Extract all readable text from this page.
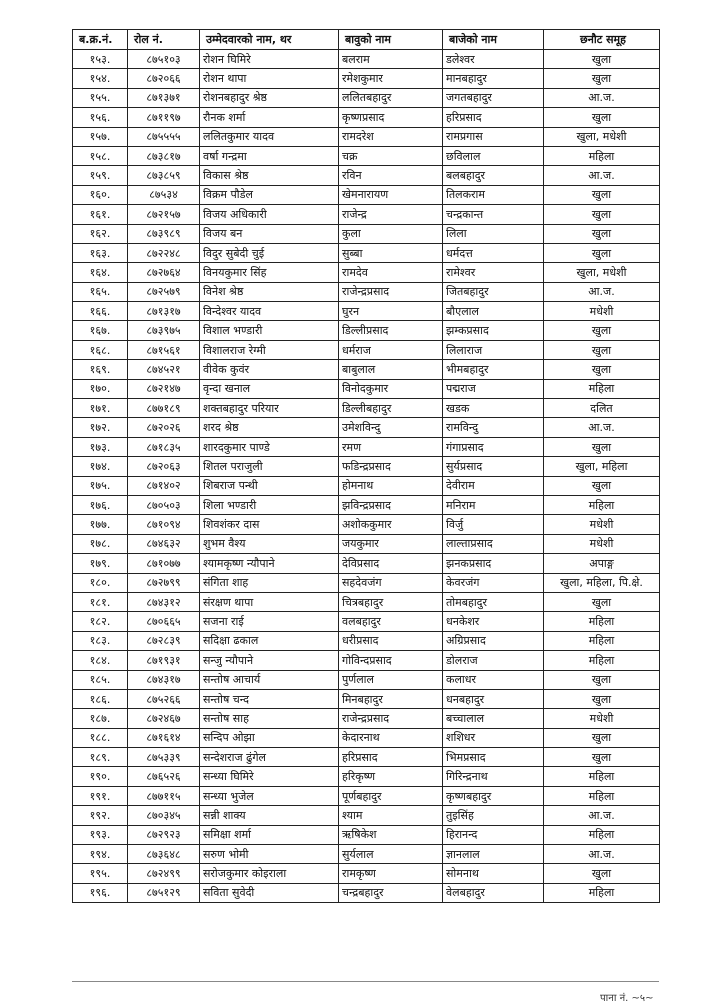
ब.क्र.नं.	रोल नं.	उम्मेदवारको नाम, थर	बावुको नाम	बाजेको नाम	छनौट समूह
१५३.	८७५१०३	रोशन घिमिरे	बलराम	डलेश्वर	खुला
१५४.	८७२०६६	रोशन थापा	रमेशकुमार	मानबहादुर	खुला
१५५.	८७१३७१	रोशनबहादुर श्रेष्ठ	ललितबहादुर	जगतबहादुर	आ.ज.
१५६.	८७११९७	रौनक शर्मा	कृष्णप्रसाद	हरिप्रसाद	खुला
१५७.	८७५५५५	ललितकुमार यादव	रामदरेश	रामप्रगास	खुला, मधेशी
१५८.	८७३८१७	वर्षा गन्द्रमा	चक्र	छविलाल	महिला
१५९.	८७३८५९	विकास श्रेष्ठ	रविन	बलबहादुर	आ.ज.
१६०.	८७५३४	विक्रम पौडेल	खेमनारायण	तिलकराम	खुला
१६१.	८७२१५७	विजय अधिकारी	राजेन्द्र	चन्द्रकान्त	खुला
१६२.	८७३९८९	विजय बन	कुला	लिला	खुला
१६३.	८७२२४८	विदुर सुबेदी चुई	सुब्बा	धर्मदत्त	खुला
१६४.	८७२७६४	विनयकुमार सिंह	रामदेव	रामेश्वर	खुला, मधेशी
१६५.	८७२५७९	विनेश श्रेष्ठ	राजेन्द्रप्रसाद	जितबहादुर	आ.ज.
१६६.	८७१३१७	विन्देश्वर यादव	घुरन	बौएलाल	मधेशी
१६७.	८७३९७५	विशाल भण्डारी	डिल्लीप्रसाद	झम्कप्रसाद	खुला
१६८.	८७१५६१	विशालराज रेग्मी	धर्मराज	लिलाराज	खुला
१६९.	८७४५२१	वीवेक कुवंर	बाबुलाल	भीमबहादुर	खुला
१७०.	८७२१४७	वृन्दा खनाल	विनोदकुमार	पद्मराज	महिला
१७१.	८७७१८९	शक्तबहादुर परियार	डिल्लीबहादुर	खडक	दलित
१७२.	८७२०२६	शरद श्रेष्ठ	उमेशविन्दु	रामविन्दु	आ.ज.
१७३.	८७१८३५	शारदकुमार पाण्डे	रमण	गंगाप्रसाद	खुला
१७४.	८७२०६३	शितल पराजुली	फडिन्द्रप्रसाद	सुर्यप्रसाद	खुला, महिला
१७५.	८७१४०२	शिबराज पन्थी	होमनाथ	देवीराम	खुला
१७६.	८७०५०३	शिला भण्डारी	झविन्द्रप्रसाद	मनिराम	महिला
१७७.	८७१०९४	शिवशंकर दास	अशोककुमार	विर्जु	मधेशी
१७८.	८७४६३२	शुभम वैश्य	जयकुमार	लाल्ताप्रसाद	मधेशी
१७९.	८७१०७७	श्यामकृष्ण न्यौपाने	देविप्रसाद	झनकप्रसाद	अपाङ्ग
१८०.	८७२७९९	संगिता शाह	सहदेवजंग	केवरजंग	खुला, महिला, पि.क्षे.
१८१.	८७४३१२	संरक्षण थापा	चित्रबहादुर	तोमबहादुर	खुला
१८२.	८७०६६५	सजना राई	वलबहादुर	धनकेशर	महिला
१८३.	८७२८३९	सदिक्षा ढकाल	धरीप्रसाद	अग्रिप्रसाद	महिला
१८४.	८७१९३१	सन्जु न्यौपाने	गोविन्दप्रसाद	डोलराज	महिला
१८५.	८७४३१७	सन्तोष आचार्य	पुर्णलाल	कलाधर	खुला
१८६.	८७५२६६	सन्तोष चन्द	मिनबहादुर	धनबहादुर	खुला
१८७.	८७२४६७	सन्तोष साह	राजेन्द्रप्रसाद	बच्चालाल	मधेशी
१८८.	८७१६१४	सन्दिप ओझा	केदारनाथ	शशिधर	खुला
१८९.	८७५३३९	सन्देशराज ढुंगेल	हरिप्रसाद	भिमप्रसाद	खुला
१९०.	८७६५२६	सन्ध्या घिमिरे	हरिकृष्ण	गिरिन्द्रनाथ	महिला
१९१.	८७७११५	सन्ध्या भुजेल	पूर्णबहादुर	कृष्णबहादुर	महिला
१९२.	८७०३४५	सन्नी शाक्य	श्याम	तुइसिंह	आ.ज.
१९३.	८७२९२३	समिक्षा शर्मा	ऋषिकेश	हिरानन्द	महिला
१९४.	८७३६४८	सरुण भोमी	सुर्यलाल	ज्ञानलाल	आ.ज.
१९५.	८७२४९९	सरोजकुमार कोइराला	रामकृष्ण	सोमनाथ	खुला
१९६.	८७५१२९	सविता सुवेदी	चन्द्रबहादुर	वेलबहादुर	महिला
पाना नं. ~५~
